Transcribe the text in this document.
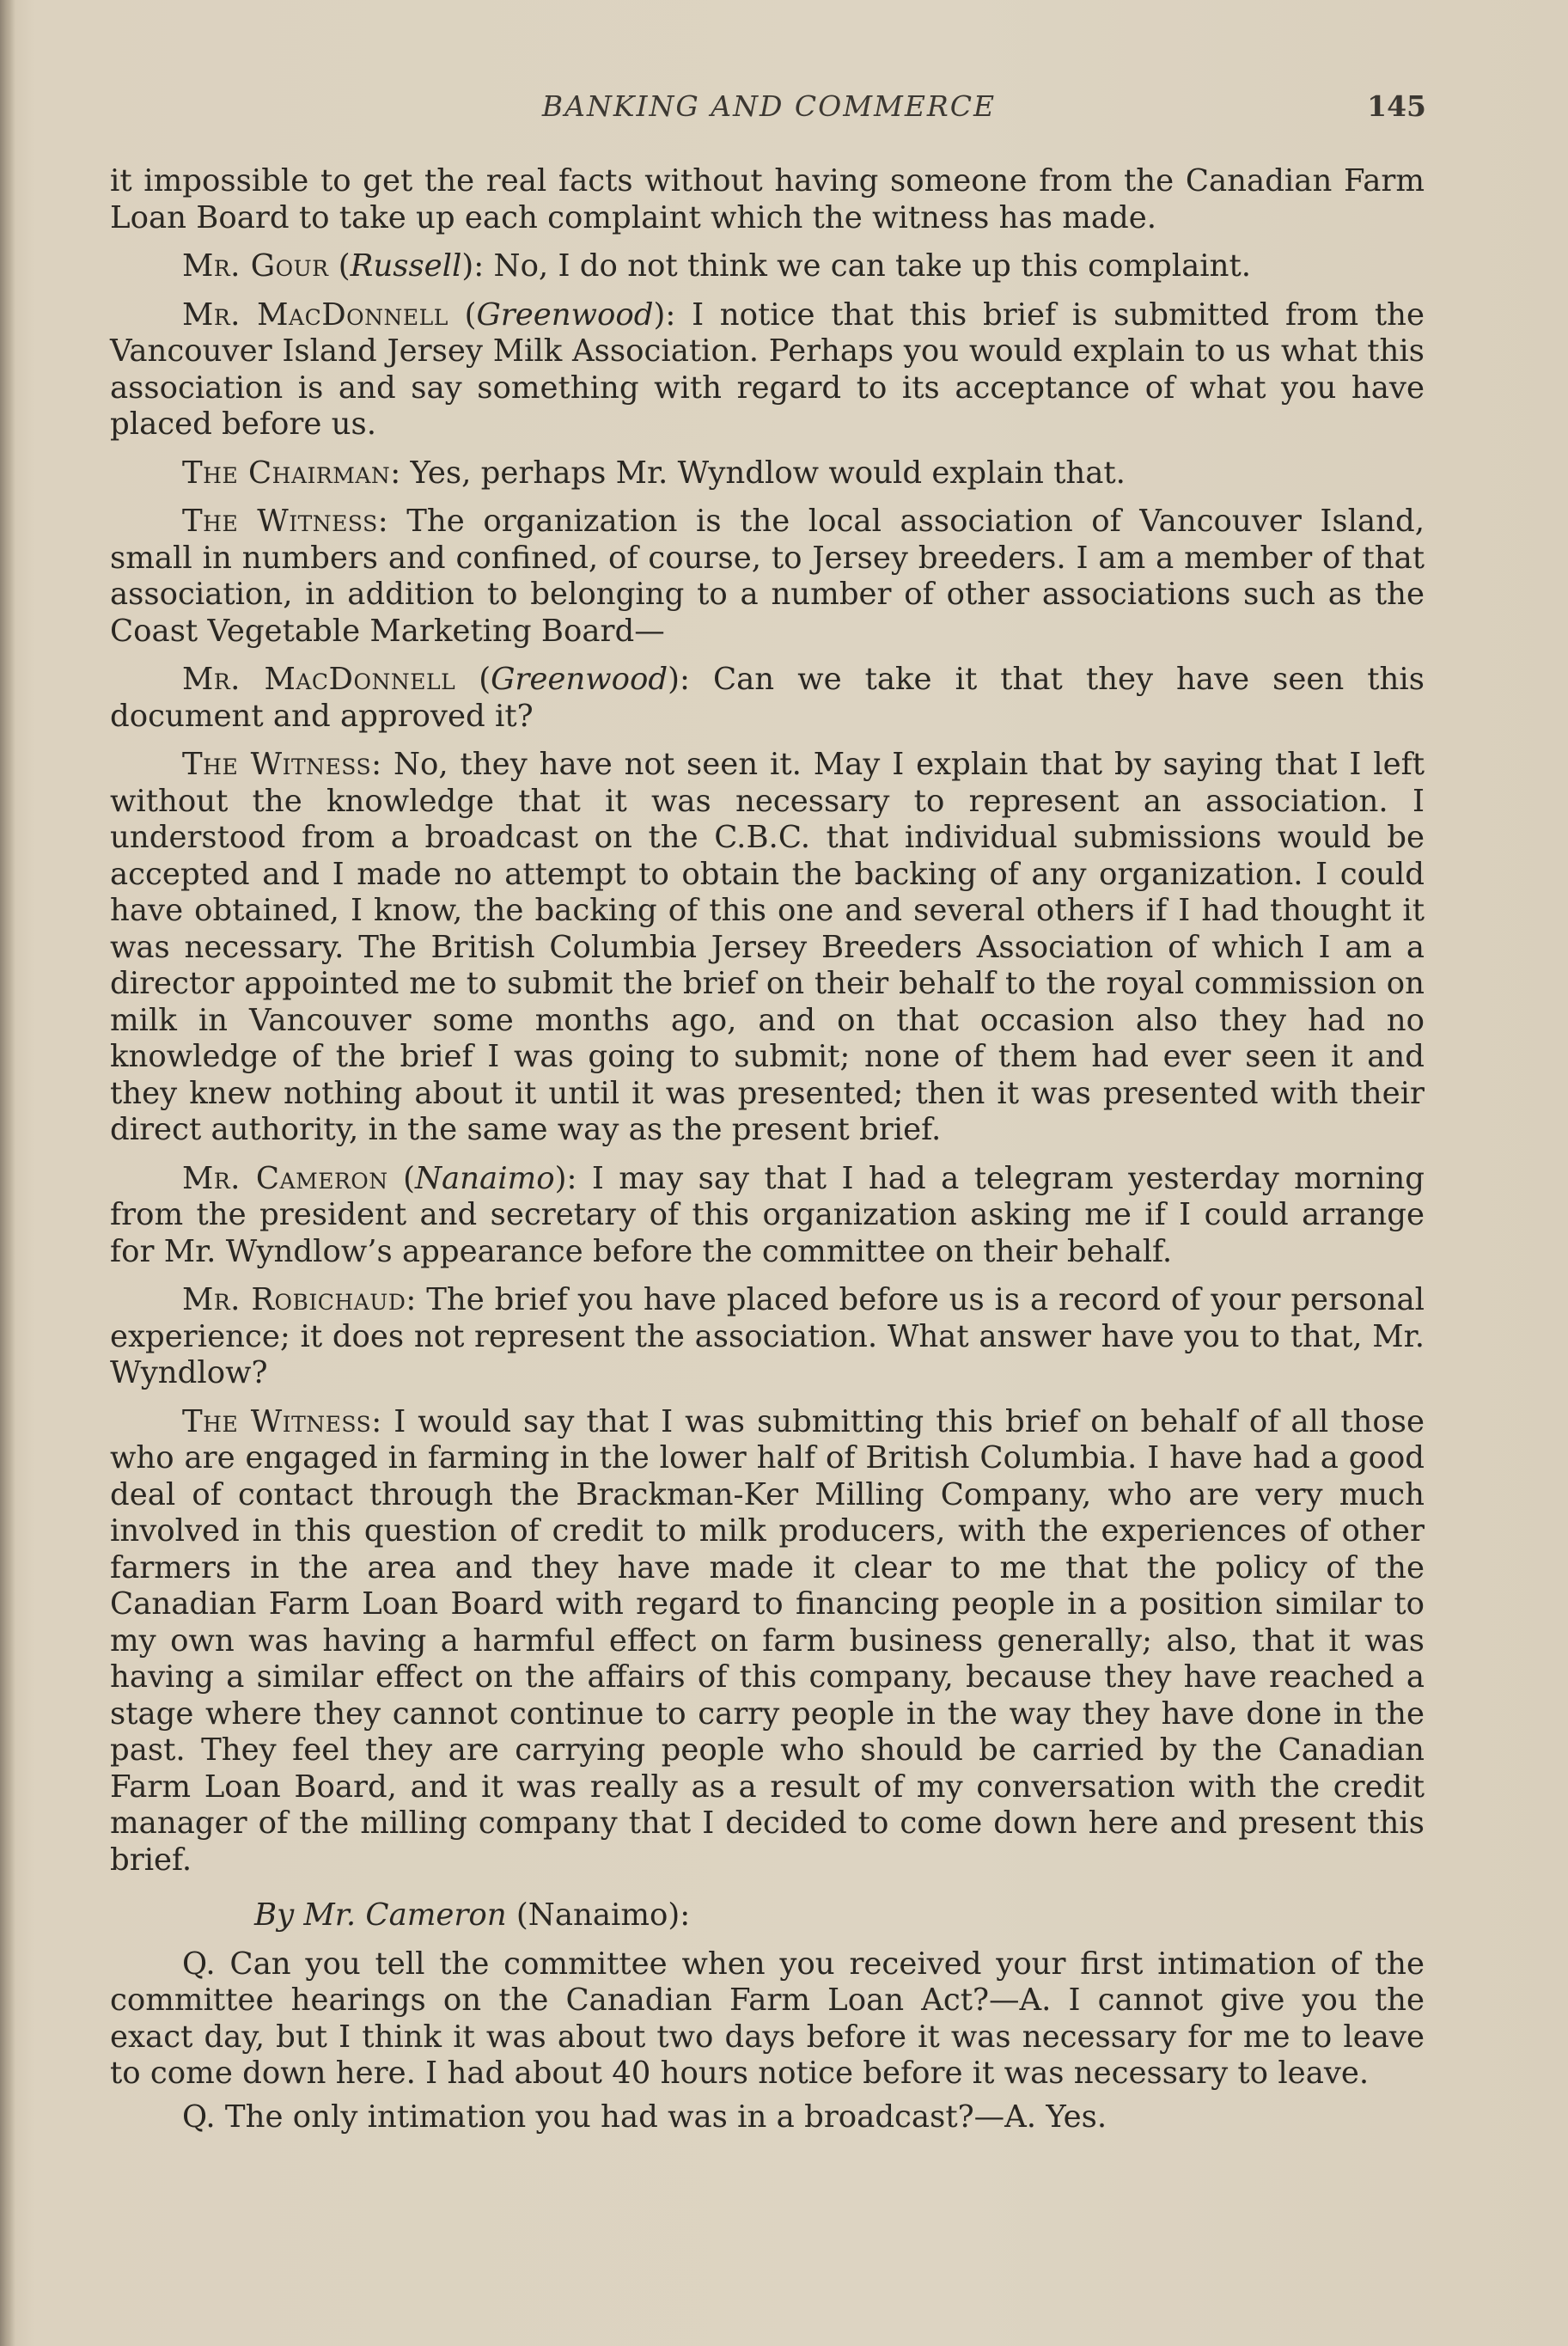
BANKING AND COMMERCE	145

it impossible to get the real facts without having someone from the Canadian Farm Loan Board to take up each complaint which the witness has made.

Mr. Gour (Russell): No, I do not think we can take up this complaint.

Mr. MacDonnell (Greenwood): I notice that this brief is submitted from the Vancouver Island Jersey Milk Association. Perhaps you would explain to us what this association is and say something with regard to its acceptance of what you have placed before us.

The Chairman: Yes, perhaps Mr. Wyndlow would explain that.

The Witness: The organization is the local association of Vancouver Island, small in numbers and confined, of course, to Jersey breeders. I am a member of that association, in addition to belonging to a number of other associations such as the Coast Vegetable Marketing Board—

Mr. MacDonnell (Greenwood): Can we take it that they have seen this document and approved it?

The Witness: No, they have not seen it. May I explain that by saying that I left without the knowledge that it was necessary to represent an association. I understood from a broadcast on the C.B.C. that individual submissions would be accepted and I made no attempt to obtain the backing of any organization. I could have obtained, I know, the backing of this one and several others if I had thought it was necessary. The British Columbia Jersey Breeders Association of which I am a director appointed me to submit the brief on their behalf to the royal commission on milk in Vancouver some months ago, and on that occasion also they had no knowledge of the brief I was going to submit; none of them had ever seen it and they knew nothing about it until it was presented; then it was presented with their direct authority, in the same way as the present brief.

Mr. Cameron (Nanaimo): I may say that I had a telegram yesterday morning from the president and secretary of this organization asking me if I could arrange for Mr. Wyndlow’s appearance before the committee on their behalf.

Mr. Robichaud: The brief you have placed before us is a record of your personal experience; it does not represent the association. What answer have you to that, Mr. Wyndlow?

The Witness: I would say that I was submitting this brief on behalf of all those who are engaged in farming in the lower half of British Columbia. I have had a good deal of contact through the Brackman-Ker Milling Company, who are very much involved in this question of credit to milk producers, with the experiences of other farmers in the area and they have made it clear to me that the policy of the Canadian Farm Loan Board with regard to financing people in a position similar to my own was having a harmful effect on farm business generally; also, that it was having a similar effect on the affairs of this company, because they have reached a stage where they cannot continue to carry people in the way they have done in the past. They feel they are carrying people who should be carried by the Canadian Farm Loan Board, and it was really as a result of my conversation with the credit manager of the milling company that I decided to come down here and present this brief.

By Mr. Cameron (Nanaimo):

Q. Can you tell the committee when you received your first intimation of the committee hearings on the Canadian Farm Loan Act?—A. I cannot give you the exact day, but I think it was about two days before it was necessary for me to leave to come down here. I had about 40 hours notice before it was necessary to leave.

Q. The only intimation you had was in a broadcast?—A. Yes.
